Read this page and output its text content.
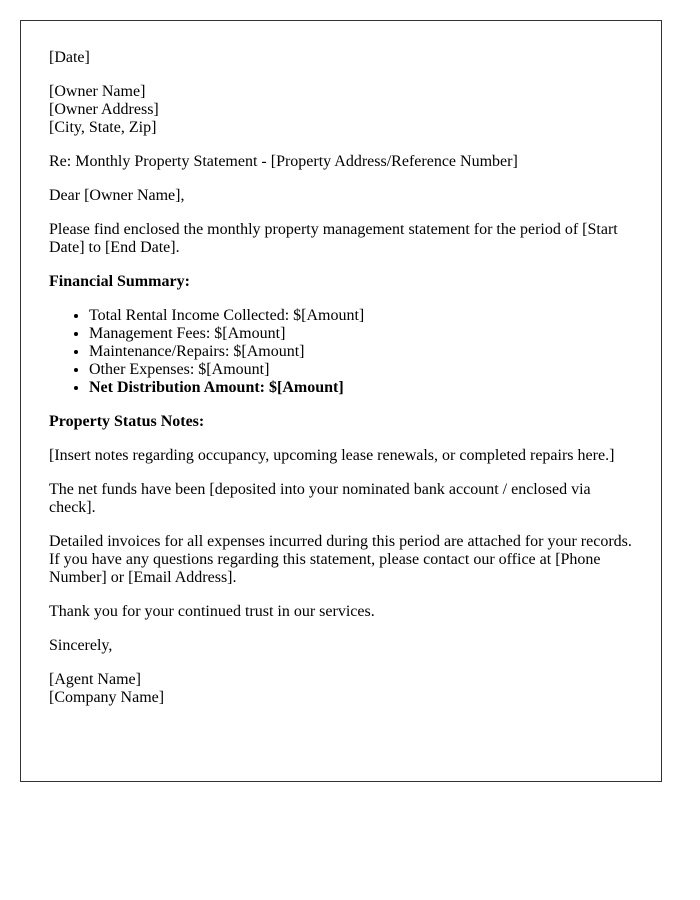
[Date]

[Owner Name]
[Owner Address]
[City, State, Zip]

Re: Monthly Property Statement - [Property Address/Reference Number]

Dear [Owner Name],

Please find enclosed the monthly property management statement for the period of [Start Date] to [End Date].

Financial Summary:

• Total Rental Income Collected: $[Amount]
• Management Fees: $[Amount]
• Maintenance/Repairs: $[Amount]
• Other Expenses: $[Amount]
• Net Distribution Amount: $[Amount]

Property Status Notes:

[Insert notes regarding occupancy, upcoming lease renewals, or completed repairs here.]

The net funds have been [deposited into your nominated bank account / enclosed via check].

Detailed invoices for all expenses incurred during this period are attached for your records. If you have any questions regarding this statement, please contact our office at [Phone Number] or [Email Address].

Thank you for your continued trust in our services.

Sincerely,

[Agent Name]
[Company Name]
